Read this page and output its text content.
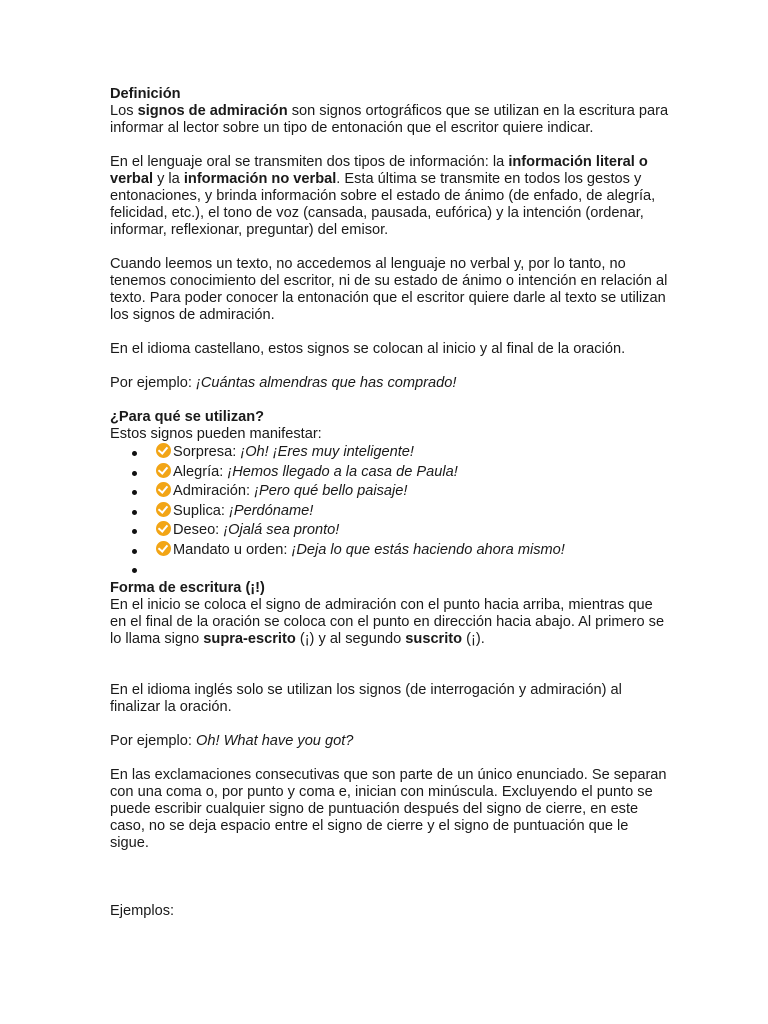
Definición

Los signos de admiración son signos ortográficos que se utilizan en la escritura para informar al lector sobre un tipo de entonación que el escritor quiere indicar.

En el lenguaje oral se transmiten dos tipos de información: la información literal o verbal y la información no verbal. Esta última se transmite en todos los gestos y entonaciones, y brinda información sobre el estado de ánimo (de enfado, de alegría, felicidad, etc.), el tono de voz (cansada, pausada, eufórica) y la intención (ordenar, informar, reflexionar, preguntar) del emisor.

Cuando leemos un texto, no accedemos al lenguaje no verbal y, por lo tanto, no tenemos conocimiento del escritor, ni de su estado de ánimo o intención en relación al texto. Para poder conocer la entonación que el escritor quiere darle al texto se utilizan los signos de admiración.

En el idioma castellano, estos signos se colocan al inicio y al final de la oración.

Por ejemplo: ¡Cuántas almendras que has comprado!

¿Para qué se utilizan?

Estos signos pueden manifestar:

Sorpresa: ¡Oh! ¡Eres muy inteligente!
Alegría: ¡Hemos llegado a la casa de Paula!
Admiración: ¡Pero qué bello paisaje!
Suplica: ¡Perdóname!
Deseo: ¡Ojalá sea pronto!
Mandato u orden: ¡Deja lo que estás haciendo ahora mismo!

Forma de escritura (¡!)

En el inicio se coloca el signo de admiración con el punto hacia arriba, mientras que en el final de la oración se coloca con el punto en dirección hacia abajo. Al primero se lo llama signo supra-escrito (¡) y al segundo suscrito (¡).

En el idioma inglés solo se utilizan los signos (de interrogación y admiración) al finalizar la oración.

Por ejemplo: Oh! What have you got?

En las exclamaciones consecutivas que son parte de un único enunciado. Se separan con una coma o, por punto y coma e, inician con minúscula. Excluyendo el punto se puede escribir cualquier signo de puntuación después del signo de cierre, en este caso, no se deja espacio entre el signo de cierre y el signo de puntuación que le sigue.

Ejemplos:
